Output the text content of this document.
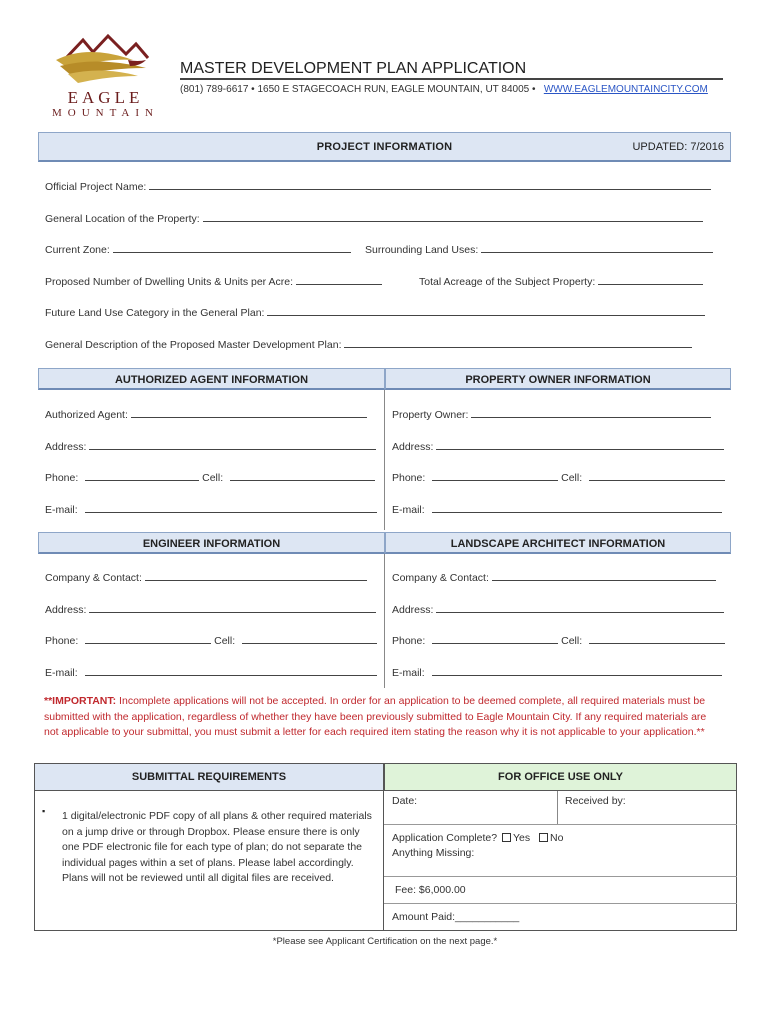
EAGLE
MOUNTAIN
MASTER DEVELOPMENT PLAN APPLICATION
(801) 789-6617 • 1650 E STAGECOACH RUN, EAGLE MOUNTAIN, UT 84005 • WWW.EAGLEMOUNTAINCITY.COM
PROJECT INFORMATION	UPDATED: 7/2016
Official Project Name:
General Location of the Property:
Current Zone:	Surrounding Land Uses:
Proposed Number of Dwelling Units & Units per Acre:	Total Acreage of the Subject Property:
Future Land Use Category in the General Plan:
General Description of the Proposed Master Development Plan:
AUTHORIZED AGENT INFORMATION	PROPERTY OWNER INFORMATION
Authorized Agent:
Address:
Phone:	Cell:
E-mail:
Property Owner:
Address:
Phone:	Cell:
E-mail:
ENGINEER INFORMATION	LANDSCAPE ARCHITECT INFORMATION
Company & Contact:
Address:
Phone:	Cell:
E-mail:
Company & Contact:
Address:
Phone:	Cell:
E-mail:
**IMPORTANT: Incomplete applications will not be accepted. In order for an application to be deemed complete, all required materials must be submitted with the application, regardless of whether they have been previously submitted to Eagle Mountain City. If any required materials are not applicable to your submittal, you must submit a letter for each required item stating the reason why it is not applicable to your application.**
SUBMITTAL REQUIREMENTS	FOR OFFICE USE ONLY
▪ 1 digital/electronic PDF copy of all plans & other required materials on a jump drive or through Dropbox. Please ensure there is only one PDF electronic file for each type of plan; do not separate the individual pages within a set of plans. Please label accordingly. Plans will not be reviewed until all digital files are received.
Date:	Received by:
Application Complete? Yes No
Anything Missing:
Fee: $6,000.00
Amount Paid:___________
*Please see Applicant Certification on the next page.*
